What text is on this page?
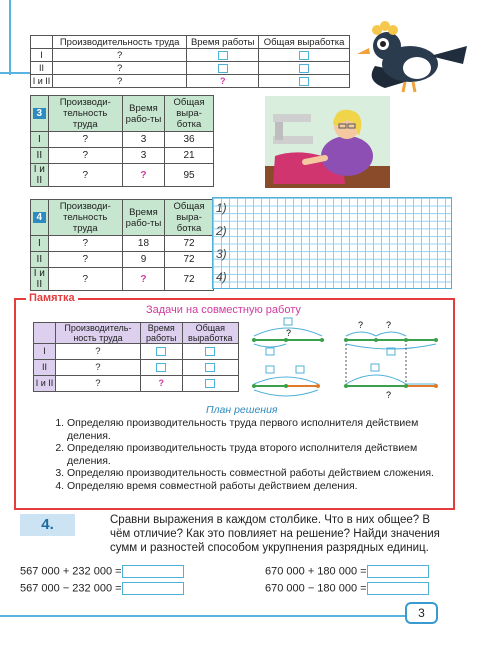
	Производительность труда	Время работы	Общая выработка
I	?		
II	?		
I и II	?	?	
3	Производи-тельность труда	Время рабо-ты	Общая выра-ботка
I	?	3	36
II	?	3	21
I и II	?	?	95
4	Производи-тельность труда	Время рабо-ты	Общая выра-ботка
I	?	18	72
II	?	9	72
I и II	?	?	72
1)
2)
3)
4)
Памятка
Задачи на совместную работу
	Производитель-ность труда	Время работы	Общая выработка
I	?		
II	?		
I и II	?	?	
?
?	?
?
План решения
1. Определяю производительность труда первого исполнителя действием деления.
2. Определяю производительность труда второго исполнителя действием деления.
3. Определяю производительность совместной работы действием сложения.
4. Определяю время совместной работы действием деления.
4.	Сравни выражения в каждом столбике. Что в них общее? В чём отличие? Как это повлияет на решение? Найди значения сумм и разностей способом укрупнения разрядных единиц.
567 000 + 232 000 =
567 000 − 232 000 =
670 000 + 180 000 =
670 000 − 180 000 =
3
